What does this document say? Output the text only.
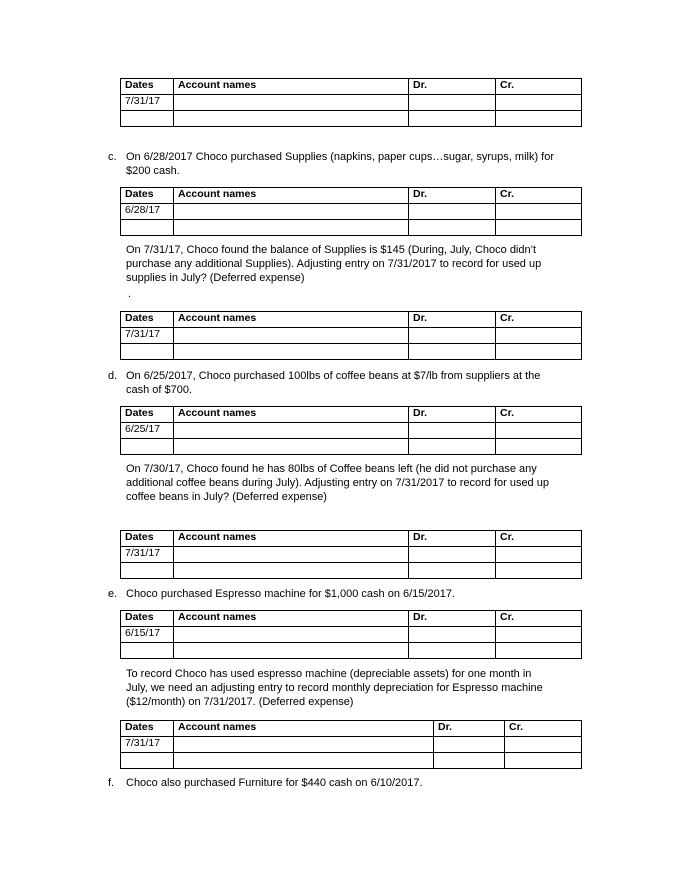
Dates	Account names	Dr.	Cr.
7/31/17			

c. On 6/28/2017 Choco purchased Supplies (napkins, paper cups…sugar, syrups, milk) for
$200 cash.
Dates	Account names	Dr.	Cr.
6/28/17			

On 7/31/17, Choco found the balance of Supplies is $145 (During, July, Choco didn’t
purchase any additional Supplies). Adjusting entry on 7/31/2017 to record for used up
supplies in July? (Deferred expense)
.
Dates	Account names	Dr.	Cr.
7/31/17			

d. On 6/25/2017, Choco purchased 100lbs of coffee beans at $7/lb from suppliers at the
cash of $700.
Dates	Account names	Dr.	Cr.
6/25/17			

On 7/30/17, Choco found he has 80lbs of Coffee beans left (he did not purchase any
additional coffee beans during July). Adjusting entry on 7/31/2017 to record for used up
coffee beans in July? (Deferred expense)
Dates	Account names	Dr.	Cr.
7/31/17			

e. Choco purchased Espresso machine for $1,000 cash on 6/15/2017.
Dates	Account names	Dr.	Cr.
6/15/17			

To record Choco has used espresso machine (depreciable assets) for one month in
July, we need an adjusting entry to record monthly depreciation for Espresso machine
($12/month) on 7/31/2017. (Deferred expense)
Dates	Account names	Dr.	Cr.
7/31/17			

f. Choco also purchased Furniture for $440 cash on 6/10/2017.
